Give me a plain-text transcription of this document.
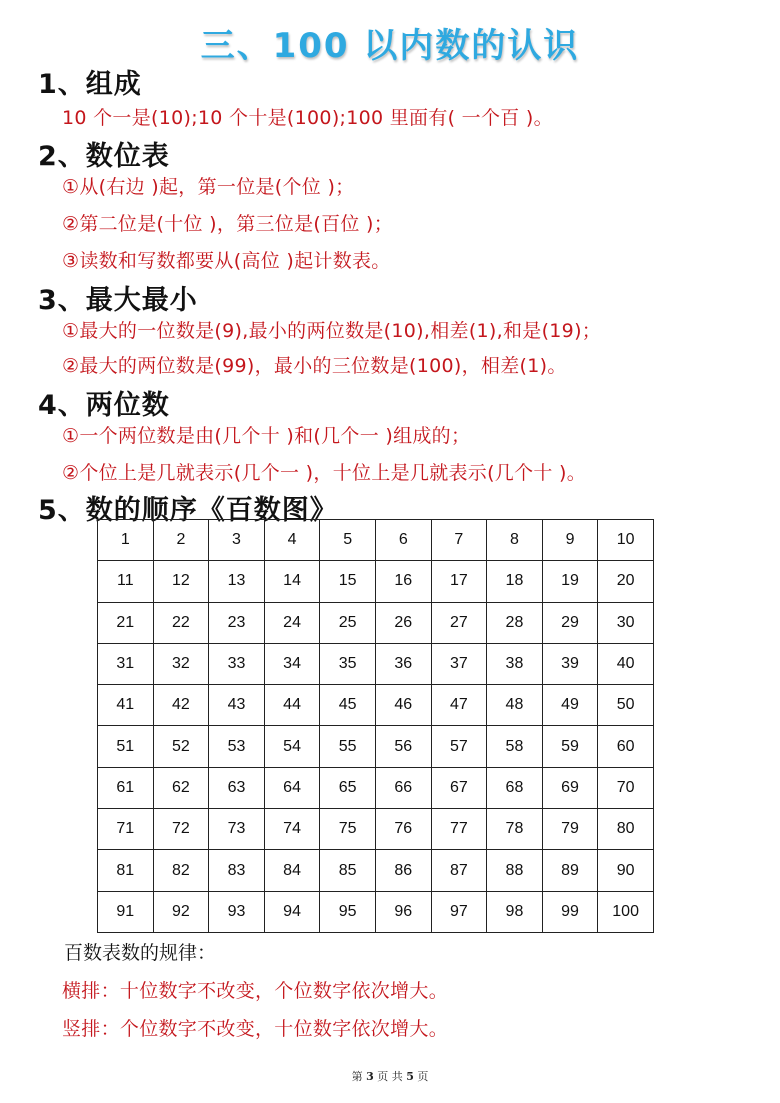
三、100 以内数的认识
1、组成
10 个一是(10);10 个十是(100);100 里面有( 一个百 )。
2、数位表
①从(右边 )起，第一位是(个位 )；
②第二位是(十位 )，第三位是(百位 )；
③读数和写数都要从(高位 )起计数表。
3、最大最小
①最大的一位数是(9),最小的两位数是(10),相差(1),和是(19)；
②最大的两位数是(99)，最小的三位数是(100)，相差(1)。
4、两位数
①一个两位数是由(几个十 )和(几个一 )组成的；
②个位上是几就表示(几个一 )，十位上是几就表示(几个十 )。
5、数的顺序《百数图》
1	2	3	4	5	6	7	8	9	10
11	12	13	14	15	16	17	18	19	20
21	22	23	24	25	26	27	28	29	30
31	32	33	34	35	36	37	38	39	40
41	42	43	44	45	46	47	48	49	50
51	52	53	54	55	56	57	58	59	60
61	62	63	64	65	66	67	68	69	70
71	72	73	74	75	76	77	78	79	80
81	82	83	84	85	86	87	88	89	90
91	92	93	94	95	96	97	98	99	100
百数表数的规律：
横排：十位数字不改变，个位数字依次增大。
竖排：个位数字不改变，十位数字依次增大。
第 3 页 共 5 页
